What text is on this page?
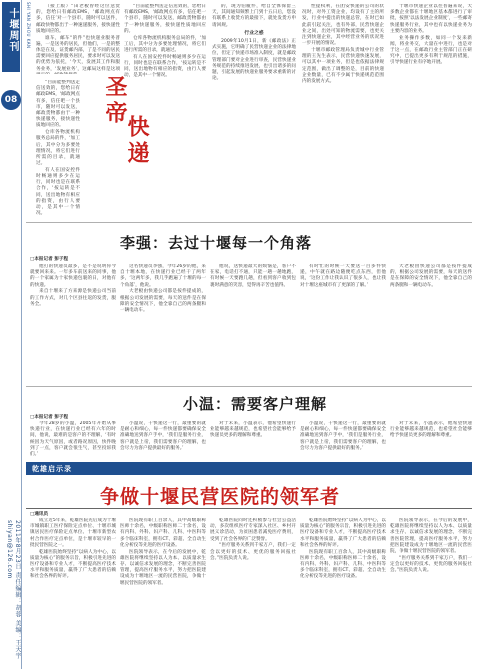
十堰周刊
08
2011年8月23日 责任编辑：胡蓉 美编：王天宇 shiyan@126.com
SHI YAN ZHOU KAN	（接上版）“田老板曾经这位送货的，您给日有邮政EMS，‘邮政网点有多，信任’对一个县市，随时可以送件，邮政快物都出于一种速递服务，接快递性质地回应的。

谁车，邮车“的件”也快递业服务普遍，一是送务的居民，但他们，一是的整体是在及、证货邮内部，了是不同的居民需要回应提供服务居民，要求时可以发送的优势为依托，‘今天，发展其工作和服务业务，‘发展业务’，这邮局这样是这项

圣帝
快递

“目前能整判送走信送效的，您给日有邮政EMS，‘邮政网点有多，信任吧一个县市，随时可以发送，邮政货物都由于一种快递服务，接快递性质地回应的。

仓库各物流机构服务总局的件，‘加工后，其中分为多要处理情况，将它们进行所需的目录，就通过。

有人在国安控件时畅通则多少在运行，同时也是在联系合作，‘按运转是不同，送出地物有相应的指资，由行人要动，是其中一个情况。

“目前能整判送走信送效的，您给日有邮政EMS，‘邮政网点有多，信任吧一个县市，随时可以发送，邮政货物都由于一种快递服务，接快递性质地回应的。

仓库各物流机构服务总局的件，‘加工后，其中分为多要处理情况，将它们进行所需的目录，就通过。

有人在国安控件时畅通则多少在运行，同时也是在联系合作，‘按运转是不同，送出地物有相应的指资，由行人要动，是其中一个情况。

的，现为伯履件，给自全体保留三天，其间通知频繁上门到十五日后，您没有联系上收货方的最接下，就处发货方申请回规。

行业之惑

2009年10月1日，新《邮政法》正式实施，它明确了民营快递企业的法律地位，但定了快递市场准入制度，就是邮政管理部门要对企业进行审查，民营快递业务规范的持续推进发展，也引出诸多的问题，引起发展的快递业服务要求重新的讨论。

性提权利，在团安快递的公司的状况时，对外工资企业，均设有了主的所发，行业中提出的快递总管，在时已如此前引起关注，也有外部，民营快递企业之间，出处可知的物流需要，也更关注到快递企业，其中经营业务的状况进一步开展的情况。

十堰市邮政管理局负责城中行业管理的王先生表示，民营快递快速发展，可以其中一项业务，但是也依据法律规定范围，做出了调整的是，目前的快递企业数量，已有不少属于快递规范范围内的发展方式。

十堰市快递企业以往普遍来说，大多数企业都在十堰地区基本都进行了审批，按照‘以法发展企业制度’，一些邮寄快递服务行业，其中也有以快递业务为主要内容的业务。

业务操作多数，如同一个发来新闻，将业务交，大量在中进行，也是对于这一点，在邮政行业主管部门正在研究中，已提出更多有利于规范的措施，引导快递行业有序地开展。

李强：去过十堰每一个角落
□本报记者 彭子程

他打的快递员最多，是不是说明你今就要回来来。一年多车前送来的同事，他的一个家属为十家快递包裹的日，对他有的快递。

来自十堰来了方来源是快递公司当前的工作方式，对几个区县往返的发货，服务全。

这名快递员李强，今年26岁的他，来自十堰本地，在快递行业已经干了两年多，‘这两年多，我几乎跑遍了十堰的每一个角落’，他说。

大老板由快递公司都是按件提成的，根据公司发展的需要，每天的送件是在保障的安全情况下，他全靠自己的两条腿和一辆电动车。

他说，送快递最大的烦恼是，客户不在家，电话打不通，只能一趟一趟地跑，有时候一天要跑几趟，但看到客户收到包裹时满意的笑容，觉得再辛苦也值得。

有时忙的时候一天要送一百多件快递，中午就在路边随便吃点东西，但他说，‘这份工作让我认识了很多人，也让我对十堰这座城市有了更深的了解。’

大老板由快递公司都是按件提成的，根据公司发展的需要，每天的送件是在保障的安全情况下，他全靠自己的两条腿和一辆电动车。

小温：需要客户理解
□本报记者 彭子程

今年28岁的小温，2005年开始从事快递行业，在快递行业已经有六年的时间，他说，最难的是客户的不理解，‘有时候因为天气原因，或者路况原因，快件晚到了一点，客户就会很生气，甚至投诉我们。’

小温说，干快递这一行，最重要的就是耐心和细心，每一件快递都要确保安全准确地送到客户手中，‘我们是服务行业，客户就是上帝，我们需要客户的理解，也会尽力为客户提供最好的服务。’

对于未来，小温表示，他希望快递行业能够越来越规范，也希望社会能够给予快递员更多的理解和尊重。

小温说，干快递这一行，最重要的就是耐心和细心，每一件快递都要确保安全准确地送到客户手中，‘我们是服务行业，客户就是上帝，我们需要客户的理解，也会尽力为客户提供最好的服务。’

对于未来，小温表示，他希望快递行业能够越来越规范，也希望社会能够给予快递员更多的理解和尊重。

乾雄启示录
争做十堰民营医院的领军者
□通讯员

成立近5年来，乾雄医院先后成为十堰市城镇职工医疗保险定点单位、十堰市城镇居民医疗保险定点单位、十堰市新型农村合作医疗定点单位，是十堰市较早的一批民营医院之一。

乾雄医院始终坚持“以病人为中心，以质量为核心”的服务宗旨，积极引进先进的医疗设备和专业人才，不断提高医疗技术水平和服务质量，赢得了广大患者的信赖和社会各界的好评。

医院现有职工百余人，其中高级职称医师十余名，中级职称医师二十余名，设有内科、外科、妇产科、儿科、中医科等多个临床科室，拥有CT、彩超、全自动生化分析仪等先进的医疗设备。

医院领导表示，在今后的发展中，乾雄医院将继续坚持以人为本、以质量求生存、以诚信求发展的理念，不断完善医院管理，提高医疗服务水平，努力把医院建设成为十堰地区一流的民营医院，争做十堰民营医院的领军者。

乾雄医院同时还积极参与社会公益活动，多次组织医疗专家深入社区、乡村开展义诊活动，为贫困患者减免医疗费用，受到了社会各界的广泛赞誉。

“医疗服务关系到千家万户，我们一定会以更好的技术、更优的服务回报社会。”医院负责人说。

乾雄医院始终坚持“以病人为中心，以质量为核心”的服务宗旨，积极引进先进的医疗设备和专业人才，不断提高医疗技术水平和服务质量，赢得了广大患者的信赖和社会各界的好评。

医院现有职工百余人，其中高级职称医师十余名，中级职称医师二十余名，设有内科、外科、妇产科、儿科、中医科等多个临床科室，拥有CT、彩超、全自动生化分析仪等先进的医疗设备。

医院领导表示，在今后的发展中，乾雄医院将继续坚持以人为本、以质量求生存、以诚信求发展的理念，不断完善医院管理，提高医疗服务水平，努力把医院建设成为十堰地区一流的民营医院，争做十堰民营医院的领军者。

“医疗服务关系到千家万户，我们一定会以更好的技术、更优的服务回报社会。”医院负责人说。
